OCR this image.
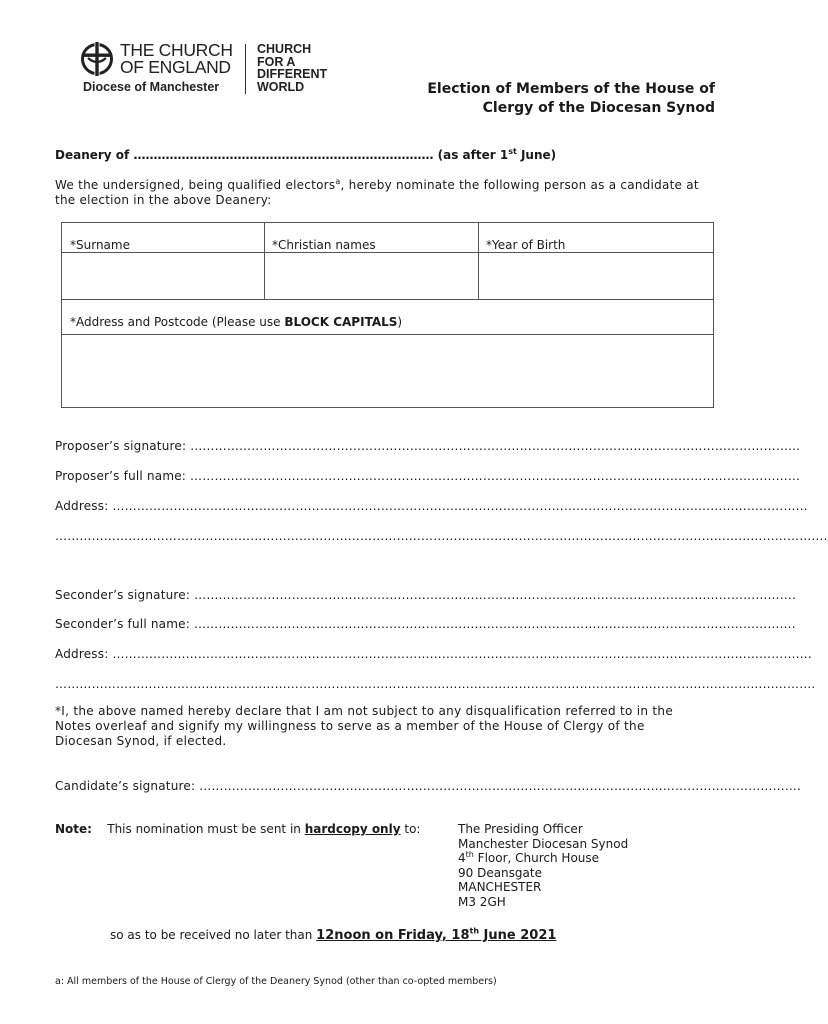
THE CHURCH
OF ENGLAND
Diocese of Manchester
CHURCH
FOR A
DIFFERENT
WORLD	Election of Members of the House of
Clergy of the Diocesan Synod
Deanery of ………………………………………………………………… (as after 1st June)
We the undersigned, being qualified electors$^a$, hereby nominate the following person as a candidate at the election in the above Deanery:
*Surname	*Christian names	*Year of Birth
*Address and Postcode (Please use BLOCK CAPITALS)
Proposer’s signature: ……………………………………………………………………………………………………………………………………
Proposer’s full name: ……………………………………………………………………………………………………………………………………
Address: ………………………………………………………………………………………………………………………………………………………
……………………………………………………………………………………………………………………………………………………………………….
Seconder’s signature: ………………………………………………………………………………………………………………………………….
Seconder’s full name: ………………………………………………………………………………………………………………………………….
Address: ……………………………………………………………………………………………………………………………………………………….
…………………………………………………………………………………………………………………………………………………………………….
*I, the above named hereby declare that I am not subject to any disqualification referred to in the Notes overleaf and signify my willingness to serve as a member of the House of Clergy of the Diocesan Synod, if elected.
Candidate’s signature: ………………………………………………………………………………………………………………………………….
Note: This nomination must be sent in hardcopy only to:	The Presiding Officer
Manchester Diocesan Synod
4th Floor, Church House
90 Deansgate
MANCHESTER
M3 2GH
so as to be received no later than 12noon on Friday, 18th June 2021
a: All members of the House of Clergy of the Deanery Synod (other than co-opted members)
